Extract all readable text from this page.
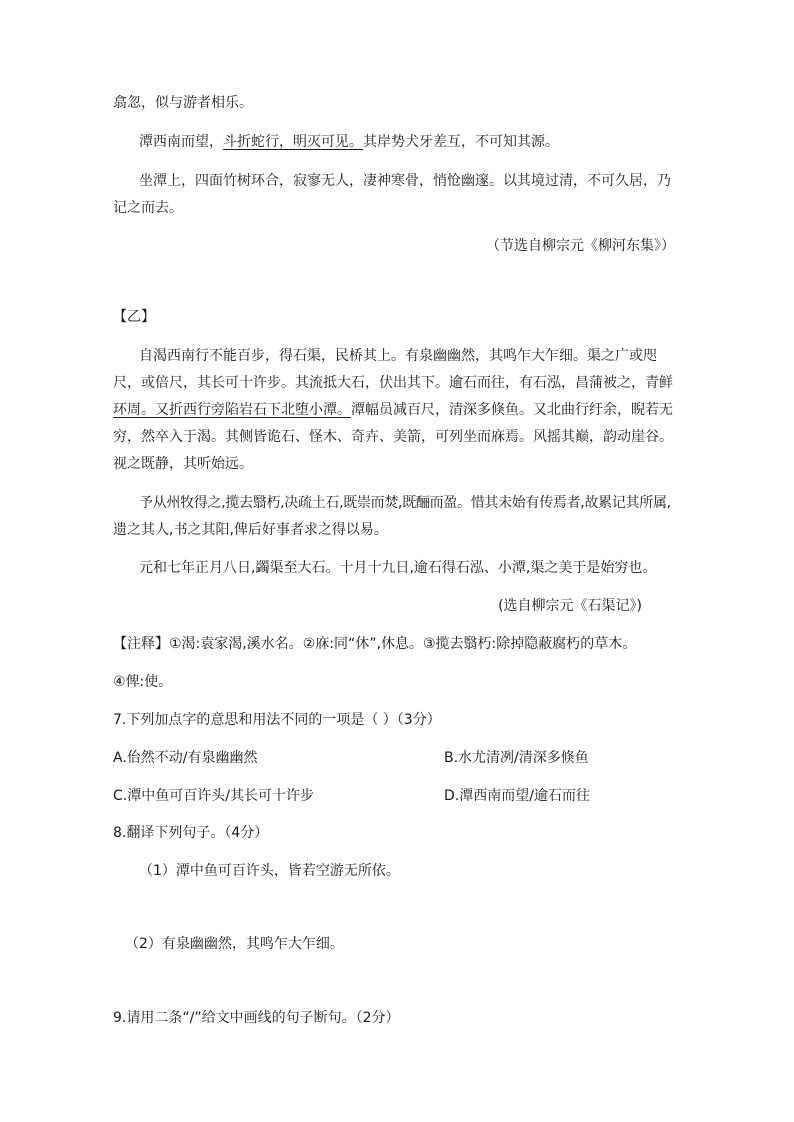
翕忽，似与游者相乐。
潭西南而望，斗折蛇行，明灭可见。其岸势犬牙差互，不可知其源。
坐潭上，四面竹树环合，寂寥无人，凄神寒骨，悄怆幽邃。以其境过清，不可久居，乃
记之而去。
（节选自柳宗元《柳河东集》）
【乙】
自渴西南行不能百步，得石渠，民桥其上。有泉幽幽然，其鸣乍大乍细。渠之广或咫
尺，或倍尺，其长可十许步。其流抵大石，伏出其下。逾石而往，有石泓，昌蒲被之，青鲜
环周。又折西行旁陷岩石下北堕小潭。潭幅员减百尺，清深多倏鱼。又北曲行纡余，睨若无
穷，然卒入于渴。其侧皆诡石、怪木、奇卉、美箭，可列坐而庥焉。风摇其巅，韵动崖谷。
视之既静，其听始远。
予从州牧得之,揽去翳朽,决疏土石,既崇而焚,既酾而盈。惜其未始有传焉者,故累记其所属,
遗之其人,书之其阳,俾后好事者求之得以易。
元和七年正月八日,蠲渠至大石。十月十九日,逾石得石泓、小潭,渠之美于是始穷也。
(选自柳宗元《石渠记》)
【注释】①渴:袁家渴,溪水名。②庥:同“休”,休息。③揽去翳朽:除掉隐蔽腐朽的草木。
④俾:使。
7.下列加点字的意思和用法不同的一项是（ ）（3分）
A.佁然不动/有泉幽幽然	B.水尤清冽/清深多倏鱼
C.潭中鱼可百许头/其长可十许步	D.潭西南而望/逾石而往
8.翻译下列句子。（4分）
（1）潭中鱼可百许头，皆若空游无所依。
（2）有泉幽幽然，其鸣乍大乍细。
9.请用二条“/”给文中画线的句子断句。（2分）
